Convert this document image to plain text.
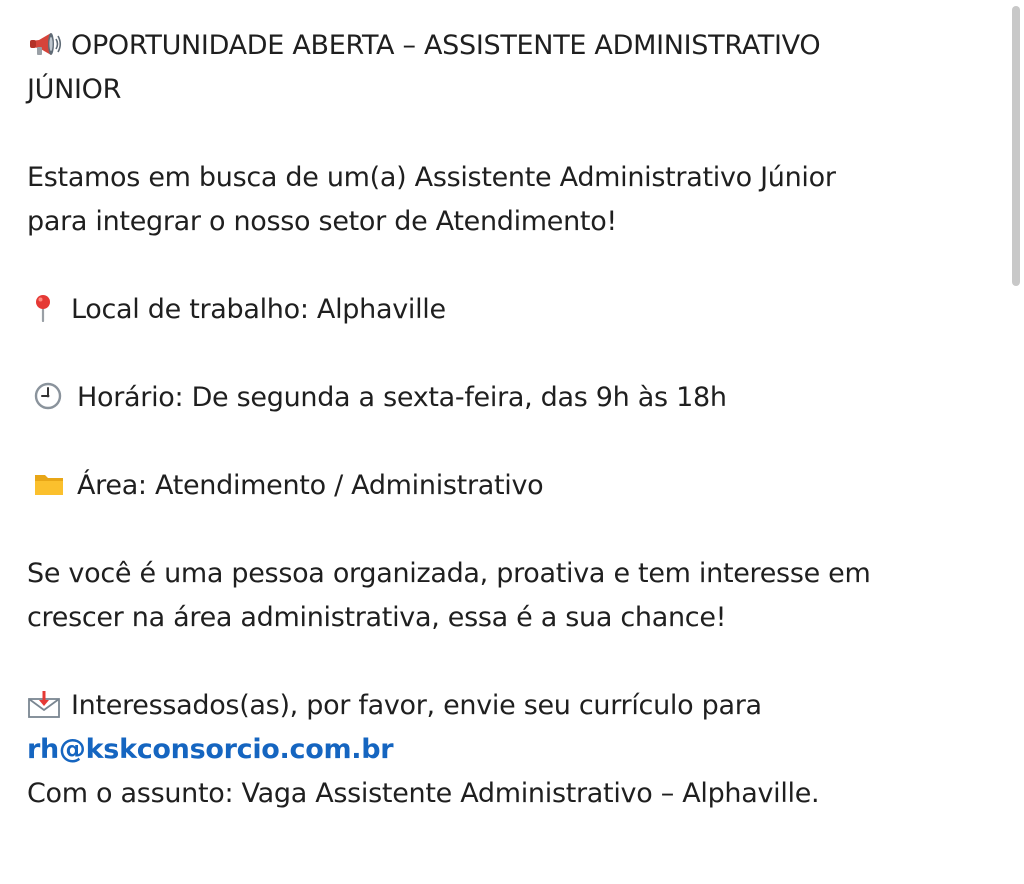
OPORTUNIDADE ABERTA – ASSISTENTE ADMINISTRATIVO
JÚNIOR
Estamos em busca de um(a) Assistente Administrativo Júnior
para integrar o nosso setor de Atendimento!
Local de trabalho: Alphaville
Horário: De segunda a sexta-feira, das 9h às 18h
Área: Atendimento / Administrativo
Se você é uma pessoa organizada, proativa e tem interesse em
crescer na área administrativa, essa é a sua chance!
Interessados(as), por favor, envie seu currículo para
rh@kskconsorcio.com.br
Com o assunto: Vaga Assistente Administrativo – Alphaville.
